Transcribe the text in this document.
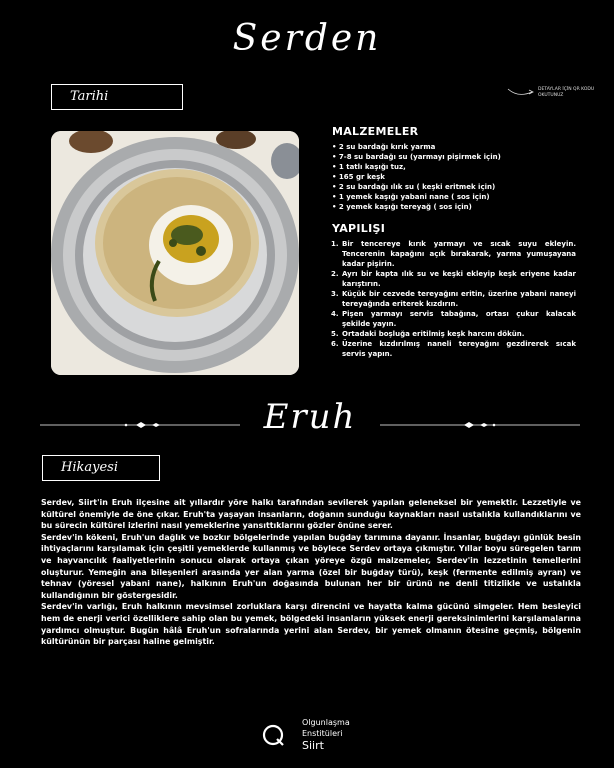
Serden
Tarihi	DETAYLAR İÇİN QR KODU OKUTUNUZ
MALZEMELER
• 2 su bardağı kırık yarma
• 7-8 su bardağı su (yarmayı pişirmek için)
• 1 tatlı kaşığı tuz,
• 165 gr keşk
• 2 su bardağı ılık su ( keşki eritmek için)
• 1 yemek kaşığı yabani nane ( sos için)
• 2 yemek kaşığı tereyağ ( sos için)
YAPILIŞI
1. Bir tencereye kırık yarmayı ve sıcak suyu ekleyin. Tencerenin kapağını açık bırakarak, yarma yumuşayana kadar pişirin.
2. Ayrı bir kapta ılık su ve keşki ekleyip keşk eriyene kadar karıştırın.
3. Küçük bir cezvede tereyağını eritin, üzerine yabani naneyi tereyağında eriterek kızdırın.
4. Pişen yarmayı servis tabağına, ortası çukur kalacak şekilde yayın.
5. Ortadaki boşluğa eritilmiş keşk harcını dökün.
6. Üzerine kızdırılmış naneli tereyağını gezdirerek sıcak servis yapın.
Eruh
Hikayesi

Serdev, Siirt'in Eruh ilçesine ait yıllardır yöre halkı tarafından sevilerek yapılan geleneksel bir yemektir. Lezzetiyle ve kültürel önemiyle de öne çıkar. Eruh'ta yaşayan insanların, doğanın sunduğu kaynakları nasıl ustalıkla kullandıklarını ve bu sürecin kültürel izlerini nasıl yemeklerine yansıttıklarını gözler önüne serer.

Serdev'in kökeni, Eruh'un dağlık ve bozkır bölgelerinde yapılan buğday tarımına dayanır. İnsanlar, buğdayı günlük besin ihtiyaçlarını karşılamak için çeşitli yemeklerde kullanmış ve böylece Serdev ortaya çıkmıştır. Yıllar boyu süregelen tarım ve hayvancılık faaliyetlerinin sonucu olarak ortaya çıkan yöreye özgü malzemeler, Serdev'in lezzetinin temellerini oluşturur. Yemeğin ana bileşenleri arasında yer alan yarma (özel bir buğday türü), keşk (fermente edilmiş ayran) ve tehnav (yöresel yabani nane), halkının Eruh'un doğasında bulunan her bir ürünü ne denli titizlikle ve ustalıkla kullandığının bir göstergesidir.

Serdev'in varlığı, Eruh halkının mevsimsel zorluklara karşı direncini ve hayatta kalma gücünü simgeler. Hem besleyici hem de enerji verici özelliklere sahip olan bu yemek, bölgedeki insanların yüksek enerji gereksinimlerini karşılamalarına yardımcı olmuştur. Bugün hâlâ Eruh'un sofralarında yerini alan Serdev, bir yemek olmanın ötesine geçmiş, bölgenin kültürünün bir parçası haline gelmiştir.

Olgunlaşma
Enstitüleri
Siirt
